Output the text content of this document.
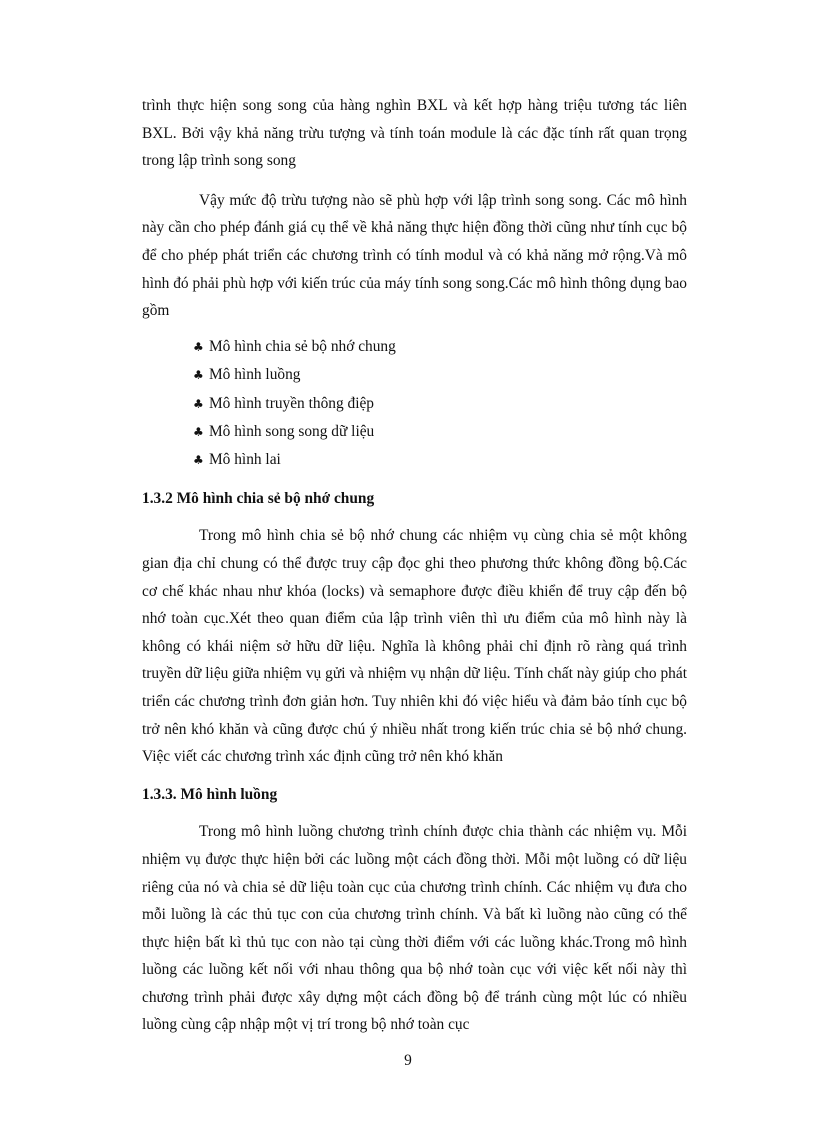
trình thực hiện song song của hàng nghìn BXL và kết hợp hàng triệu tương tác liên BXL. Bởi vậy khả năng trừu tượng và tính toán module là các đặc tính rất quan trọng trong lập trình song song

Vậy mức độ trừu tượng nào sẽ phù hợp với lập trình song song. Các mô hình này cần cho phép đánh giá cụ thể về khả năng thực hiện đồng thời cũng như tính cục bộ để cho phép phát triển các chương trình có tính modul và có khả năng mở rộng.Và mô hình đó phải phù hợp với kiến trúc của máy tính song song.Các mô hình thông dụng bao gồm

♣ Mô hình chia sẻ bộ nhớ chung
♣ Mô hình luồng
♣ Mô hình truyền thông điệp
♣ Mô hình song song dữ liệu
♣ Mô hình lai

1.3.2 Mô hình chia sẻ bộ nhớ chung

Trong mô hình chia sẻ bộ nhớ chung các nhiệm vụ cùng chia sẻ một không gian địa chỉ chung có thể được truy cập đọc ghi theo phương thức không đồng bộ.Các cơ chế khác nhau như khóa (locks) và semaphore được điều khiển để truy cập đến bộ nhớ toàn cục.Xét theo quan điểm của lập trình viên thì ưu điểm của mô hình này là không có khái niệm sở hữu dữ liệu. Nghĩa là không phải chỉ định rõ ràng quá trình truyền dữ liệu giữa nhiệm vụ gửi và nhiệm vụ nhận dữ liệu. Tính chất này giúp cho phát triển các chương trình đơn giản hơn. Tuy nhiên khi đó việc hiểu và đảm bảo tính cục bộ trở nên khó khăn và cũng được chú ý nhiều nhất trong kiến trúc chia sẻ bộ nhớ chung. Việc viết các chương trình xác định cũng trở nên khó khăn

1.3.3. Mô hình luồng

Trong mô hình luồng chương trình chính được chia thành các nhiệm vụ. Mỗi nhiệm vụ được thực hiện bởi các luồng một cách đồng thời. Mỗi một luồng có dữ liệu riêng của nó và chia sẻ dữ liệu toàn cục của chương trình chính. Các nhiệm vụ đưa cho mỗi luồng là các thủ tục con của chương trình chính. Và bất kì luồng nào cũng có thể thực hiện bất kì thủ tục con nào tại cùng thời điểm với các luồng khác.Trong mô hình luồng các luồng kết nối với nhau thông qua bộ nhớ toàn cục với việc kết nối này thì chương trình phải được xây dựng một cách đồng bộ để tránh cùng một lúc có nhiều luồng cùng cập nhập một vị trí trong bộ nhớ toàn cục

9
